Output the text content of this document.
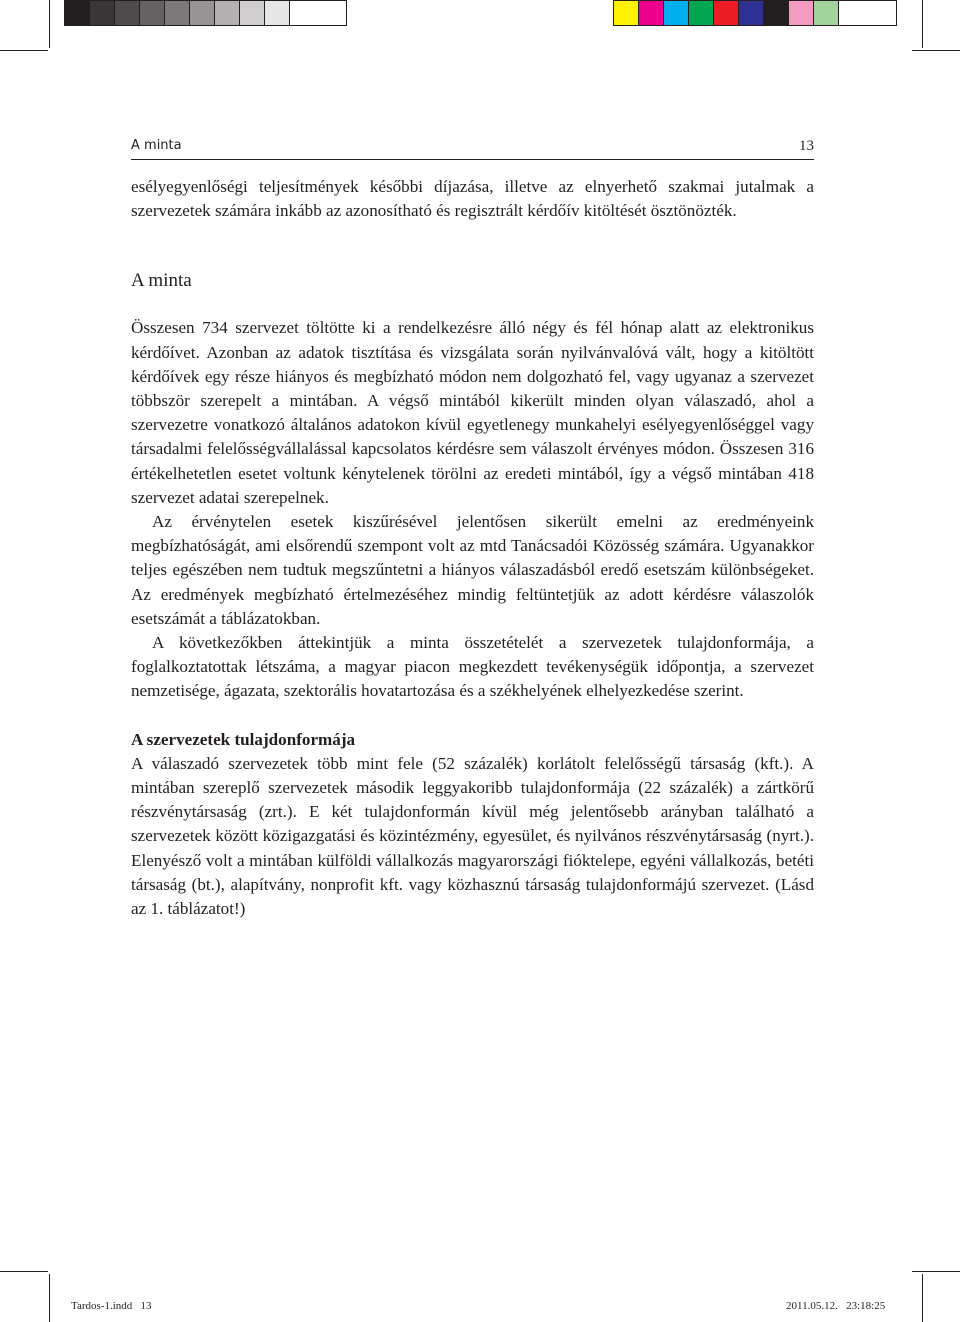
A minta	13

esélyegyenlőségi teljesítmények későbbi díjazása, illetve az elnyerhető szakmai jutalmak a szervezetek számára inkább az azonosítható és regisztrált kérdőív kitöltését ösztönözték.

A minta

Összesen 734 szervezet töltötte ki a rendelkezésre álló négy és fél hónap alatt az elektronikus kérdőívet. Azonban az adatok tisztítása és vizsgálata során nyilvánvalóvá vált, hogy a kitöltött kérdőívek egy része hiányos és megbízható módon nem dolgozható fel, vagy ugyanaz a szervezet többször szerepelt a mintában. A végső mintából kikerült minden olyan válaszadó, ahol a szervezetre vonatkozó általános adatokon kívül egyetlenegy munkahelyi esélyegyenlőséggel vagy társadalmi felelősségvállalással kapcsolatos kérdésre sem válaszolt érvényes módon. Összesen 316 értékelhetetlen esetet voltunk kénytelenek törölni az eredeti mintából, így a végső mintában 418 szervezet adatai szerepelnek.

Az érvénytelen esetek kiszűrésével jelentősen sikerült emelni az eredményeink megbízhatóságát, ami elsőrendű szempont volt az mtd Tanácsadói Közösség számára. Ugyanakkor teljes egészében nem tudtuk megszűntetni a hiányos válaszadásból eredő esetszám különbségeket. Az eredmények megbízható értelmezéséhez mindig feltüntetjük az adott kérdésre válaszolók esetszámát a táblázatokban.

A következőkben áttekintjük a minta összetételét a szervezetek tulajdonformája, a foglalkoztatottak létszáma, a magyar piacon megkezdett tevékenységük időpontja, a szervezet nemzetisége, ágazata, szektorális hovatartozása és a székhelyének elhelyezkedése szerint.

A szervezetek tulajdonformája

A válaszadó szervezetek több mint fele (52 százalék) korlátolt felelősségű társaság (kft.). A mintában szereplő szervezetek második leggyakoribb tulajdonformája (22 százalék) a zártkörű részvénytársaság (zrt.). E két tulajdonformán kívül még jelentősebb arányban található a szervezetek között közigazgatási és közintézmény, egyesület, és nyilvános részvénytársaság (nyrt.). Elenyésző volt a mintában külföldi vállalkozás magyarországi fióktelepe, egyéni vállalkozás, betéti társaság (bt.), alapítvány, nonprofit kft. vagy közhasznú társaság tulajdonformájú szervezet. (Lásd az 1. táblázatot!)

Tardos-1.indd   13	2011.05.12.   23:18:25
